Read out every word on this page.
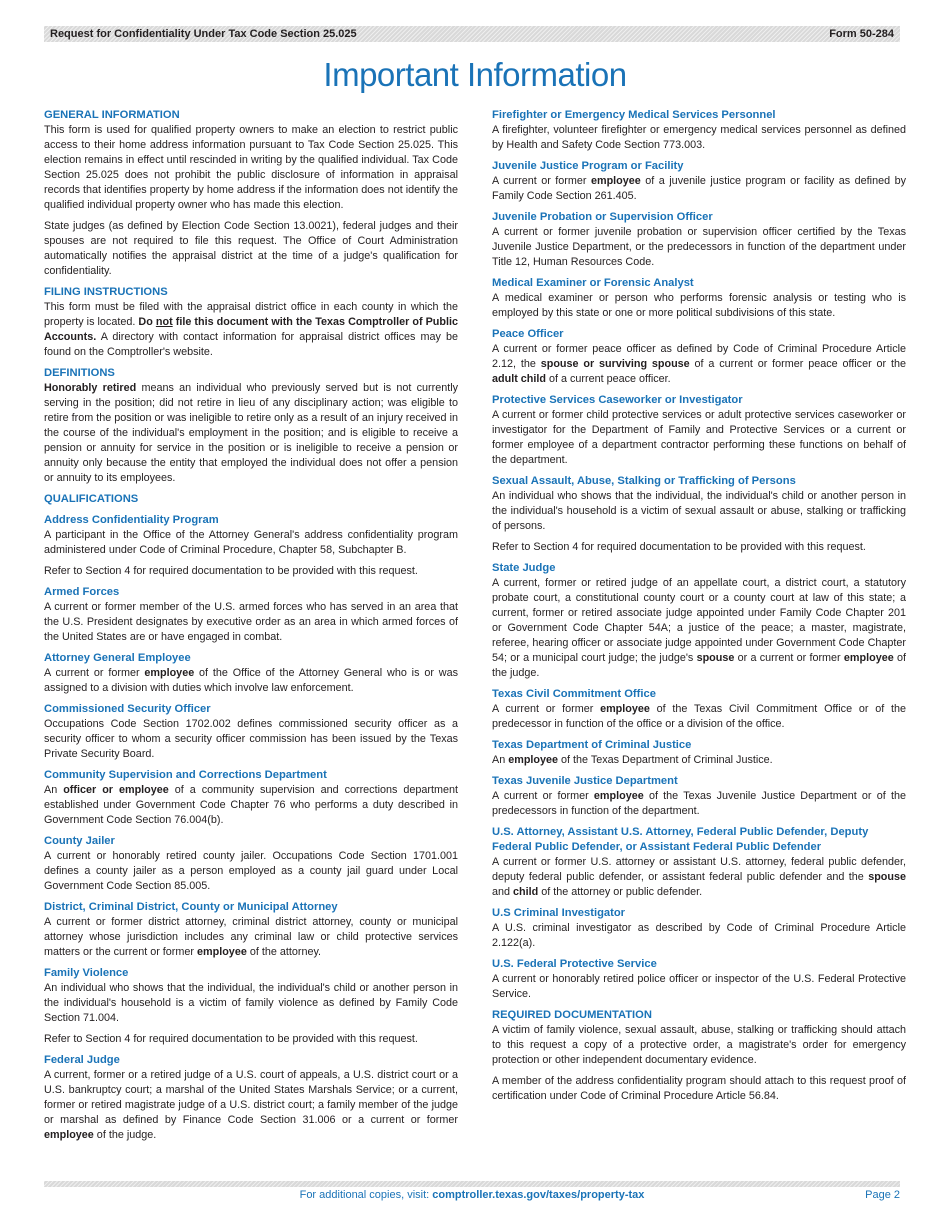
Request for Confidentiality Under Tax Code Section 25.025	Form 50-284
Important Information
GENERAL INFORMATION

This form is used for qualified property owners to make an election to restrict public access to their home address information pursuant to Tax Code Section 25.025. This election remains in effect until rescinded in writing by the qualified individual. Tax Code Section 25.025 does not prohibit the public disclosure of information in appraisal records that identifies property by home address if the information does not identify the qualified individual property owner who has made this election.

State judges (as defined by Election Code Section 13.0021), federal judges and their spouses are not required to file this request. The Office of Court Administration automatically notifies the appraisal district at the time of a judge's qualification for confidentiality.

FILING INSTRUCTIONS

This form must be filed with the appraisal district office in each county in which the property is located. Do not file this document with the Texas Comptroller of Public Accounts. A directory with contact information for appraisal district offices may be found on the Comptroller's website.

DEFINITIONS

Honorably retired means an individual who previously served but is not currently serving in the position; did not retire in lieu of any disciplinary action; was eligible to retire from the position or was ineligible to retire only as a result of an injury received in the course of the individual's employment in the position; and is eligible to receive a pension or annuity for service in the position or is ineligible to receive a pension or annuity only because the entity that employed the individual does not offer a pension or annuity to its employees.

QUALIFICATIONS
Address Confidentiality Program

A participant in the Office of the Attorney General's address confidentiality program administered under Code of Criminal Procedure, Chapter 58, Subchapter B.

Refer to Section 4 for required documentation to be provided with this request.

Armed Forces

A current or former member of the U.S. armed forces who has served in an area that the U.S. President designates by executive order as an area in which armed forces of the United States are or have engaged in combat.

Attorney General Employee

A current or former employee of the Office of the Attorney General who is or was assigned to a division with duties which involve law enforcement.

Commissioned Security Officer

Occupations Code Section 1702.002 defines commissioned security officer as a security officer to whom a security officer commission has been issued by the Texas Private Security Board.

Community Supervision and Corrections Department

An officer or employee of a community supervision and corrections department established under Government Code Chapter 76 who performs a duty described in Government Code Section 76.004(b).

County Jailer

A current or honorably retired county jailer. Occupations Code Section 1701.001 defines a county jailer as a person employed as a county jail guard under Local Government Code Section 85.005.

District, Criminal District, County or Municipal Attorney

A current or former district attorney, criminal district attorney, county or municipal attorney whose jurisdiction includes any criminal law or child protective services matters or the current or former employee of the attorney.

Family Violence

An individual who shows that the individual, the individual's child or another person in the individual's household is a victim of family violence as defined by Family Code Section 71.004.

Refer to Section 4 for required documentation to be provided with this request.

Federal Judge

A current, former or a retired judge of a U.S. court of appeals, a U.S. district court or a U.S. bankruptcy court; a marshal of the United States Marshals Service; or a current, former or retired magistrate judge of a U.S. district court; a family member of the judge or marshal as defined by Finance Code Section 31.006 or a current or former employee of the judge.

Firefighter or Emergency Medical Services Personnel

A firefighter, volunteer firefighter or emergency medical services personnel as defined by Health and Safety Code Section 773.003.

Juvenile Justice Program or Facility

A current or former employee of a juvenile justice program or facility as defined by Family Code Section 261.405.

Juvenile Probation or Supervision Officer

A current or former juvenile probation or supervision officer certified by the Texas Juvenile Justice Department, or the predecessors in function of the department under Title 12, Human Resources Code.

Medical Examiner or Forensic Analyst

A medical examiner or person who performs forensic analysis or testing who is employed by this state or one or more political subdivisions of this state.

Peace Officer

A current or former peace officer as defined by Code of Criminal Procedure Article 2.12, the spouse or surviving spouse of a current or former peace officer or the adult child of a current peace officer.

Protective Services Caseworker or Investigator

A current or former child protective services or adult protective services caseworker or investigator for the Department of Family and Protective Services or a current or former employee of a department contractor performing these functions on behalf of the department.

Sexual Assault, Abuse, Stalking or Trafficking of Persons

An individual who shows that the individual, the individual's child or another person in the individual's household is a victim of sexual assault or abuse, stalking or trafficking of persons.

Refer to Section 4 for required documentation to be provided with this request.

State Judge

A current, former or retired judge of an appellate court, a district court, a statutory probate court, a constitutional county court or a county court at law of this state; a current, former or retired associate judge appointed under Family Code Chapter 201 or Government Code Chapter 54A; a justice of the peace; a master, magistrate, referee, hearing officer or associate judge appointed under Government Code Chapter 54; or a municipal court judge; the judge's spouse or a current or former employee of the judge.

Texas Civil Commitment Office

A current or former employee of the Texas Civil Commitment Office or of the predecessor in function of the office or a division of the office.

Texas Department of Criminal Justice

An employee of the Texas Department of Criminal Justice.

Texas Juvenile Justice Department

A current or former employee of the Texas Juvenile Justice Department or of the predecessors in function of the department.

U.S. Attorney, Assistant U.S. Attorney, Federal Public Defender, Deputy Federal Public Defender, or Assistant Federal Public Defender

A current or former U.S. attorney or assistant U.S. attorney, federal public defender, deputy federal public defender, or assistant federal public defender and the spouse and child of the attorney or public defender.

U.S Criminal Investigator

A U.S. criminal investigator as described by Code of Criminal Procedure Article 2.122(a).

U.S. Federal Protective Service

A current or honorably retired police officer or inspector of the U.S. Federal Protective Service.

REQUIRED DOCUMENTATION

A victim of family violence, sexual assault, abuse, stalking or trafficking should attach to this request a copy of a protective order, a magistrate's order for emergency protection or other independent documentary evidence.

A member of the address confidentiality program should attach to this request proof of certification under Code of Criminal Procedure Article 56.84.

For additional copies, visit: comptroller.texas.gov/taxes/property-tax	Page 2
